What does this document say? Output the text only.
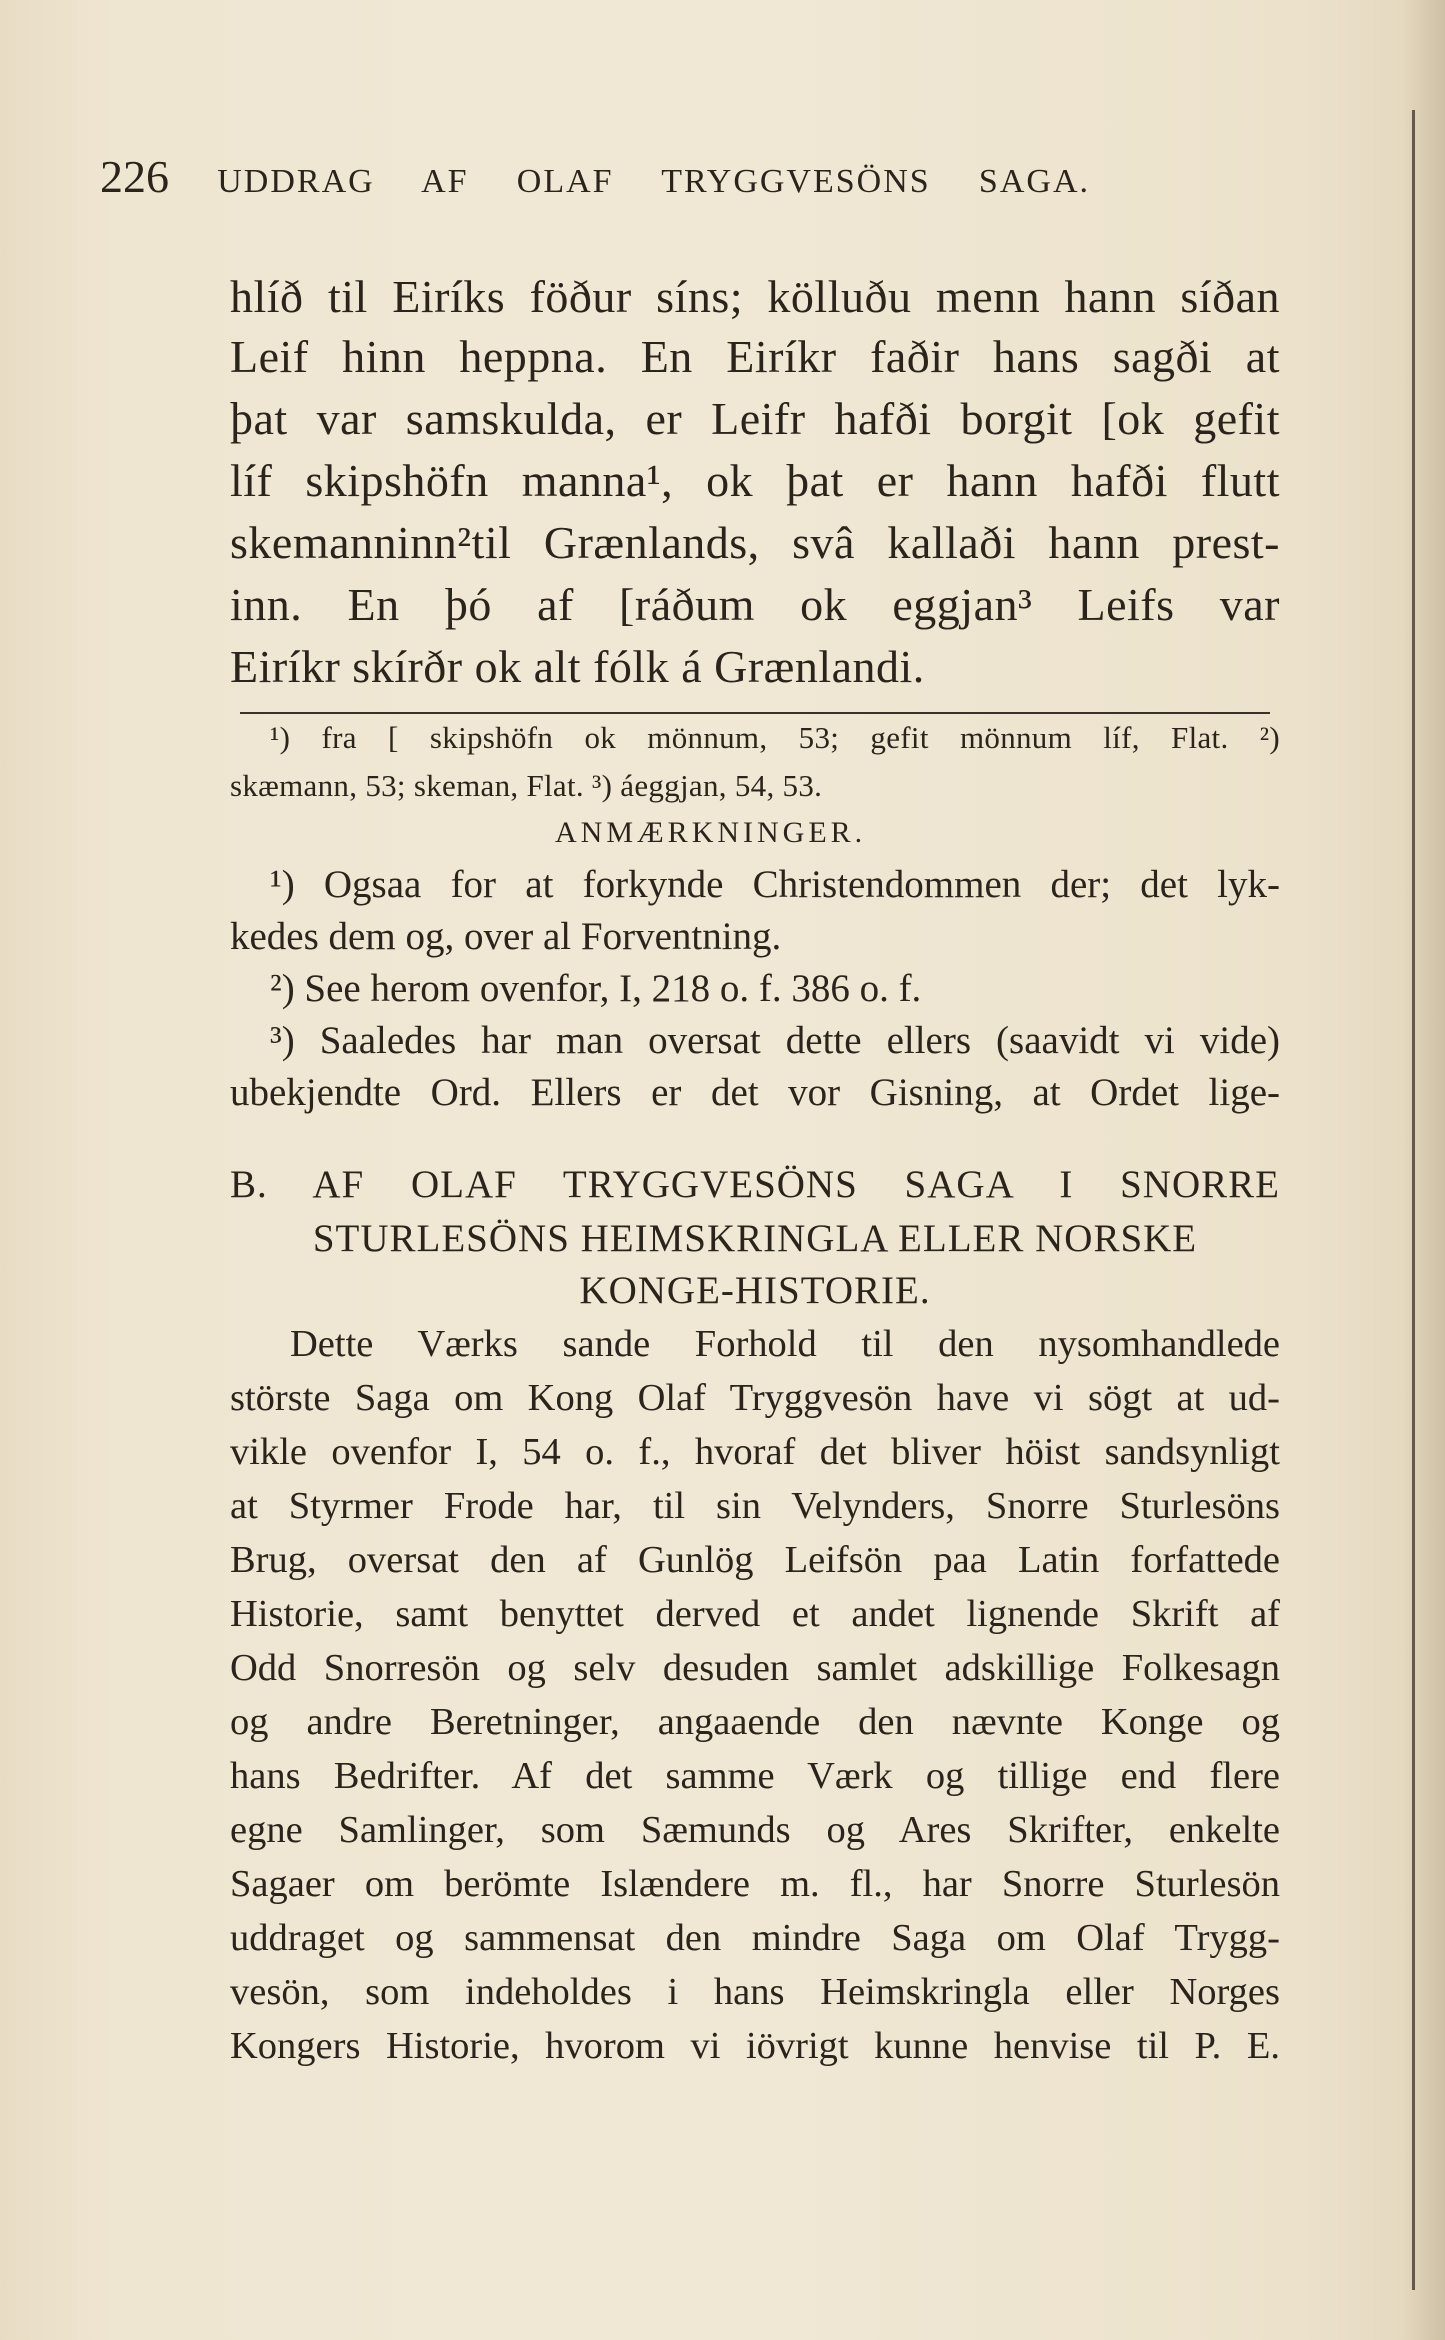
226 UDDRAG AF OLAF TRYGGVESÖNS SAGA.
hlíð til Eiríks föður síns; kölluðu menn hann síðan
Leif hinn heppna. En Eiríkr faðir hans sagði at
þat var samskulda, er Leifr hafði borgit [ok gefit
líf skipshöfn manna¹, ok þat er hann hafði flutt
skemanninn²til Grænlands, svâ kallaði hann prest-
inn. En þó af [ráðum ok eggjan³ Leifs var
Eiríkr skírðr ok alt fólk á Grænlandi.
¹) fra [ skipshöfn ok mönnum, 53; gefit mönnum líf, Flat. ²)
skæmann, 53; skeman, Flat. ³) áeggjan, 54, 53.
ANMÆRKNINGER.
¹) Ogsaa for at forkynde Christendommen der; det lyk-
kedes dem og, over al Forventning.
²) See herom ovenfor, I, 218 o. f. 386 o. f.
³) Saaledes har man oversat dette ellers (saavidt vi vide)
ubekjendte Ord. Ellers er det vor Gisning, at Ordet lige-
B. AF OLAF TRYGGVESÖNS SAGA I SNORRE
STURLESÖNS HEIMSKRINGLA ELLER NORSKE
KONGE-HISTORIE.
Dette Værks sande Forhold til den nysomhandlede
störste Saga om Kong Olaf Tryggvesön have vi sögt at ud-
vikle ovenfor I, 54 o. f., hvoraf det bliver höist sandsynligt
at Styrmer Frode har, til sin Velynders, Snorre Sturlesöns
Brug, oversat den af Gunlög Leifsön paa Latin forfattede
Historie, samt benyttet derved et andet lignende Skrift af
Odd Snorresön og selv desuden samlet adskillige Folkesagn
og andre Beretninger, angaaende den nævnte Konge og
hans Bedrifter. Af det samme Værk og tillige end flere
egne Samlinger, som Sæmunds og Ares Skrifter, enkelte
Sagaer om berömte Islændere m. fl., har Snorre Sturlesön
uddraget og sammensat den mindre Saga om Olaf Trygg-
vesön, som indeholdes i hans Heimskringla eller Norges
Kongers Historie, hvorom vi iövrigt kunne henvise til P. E.
